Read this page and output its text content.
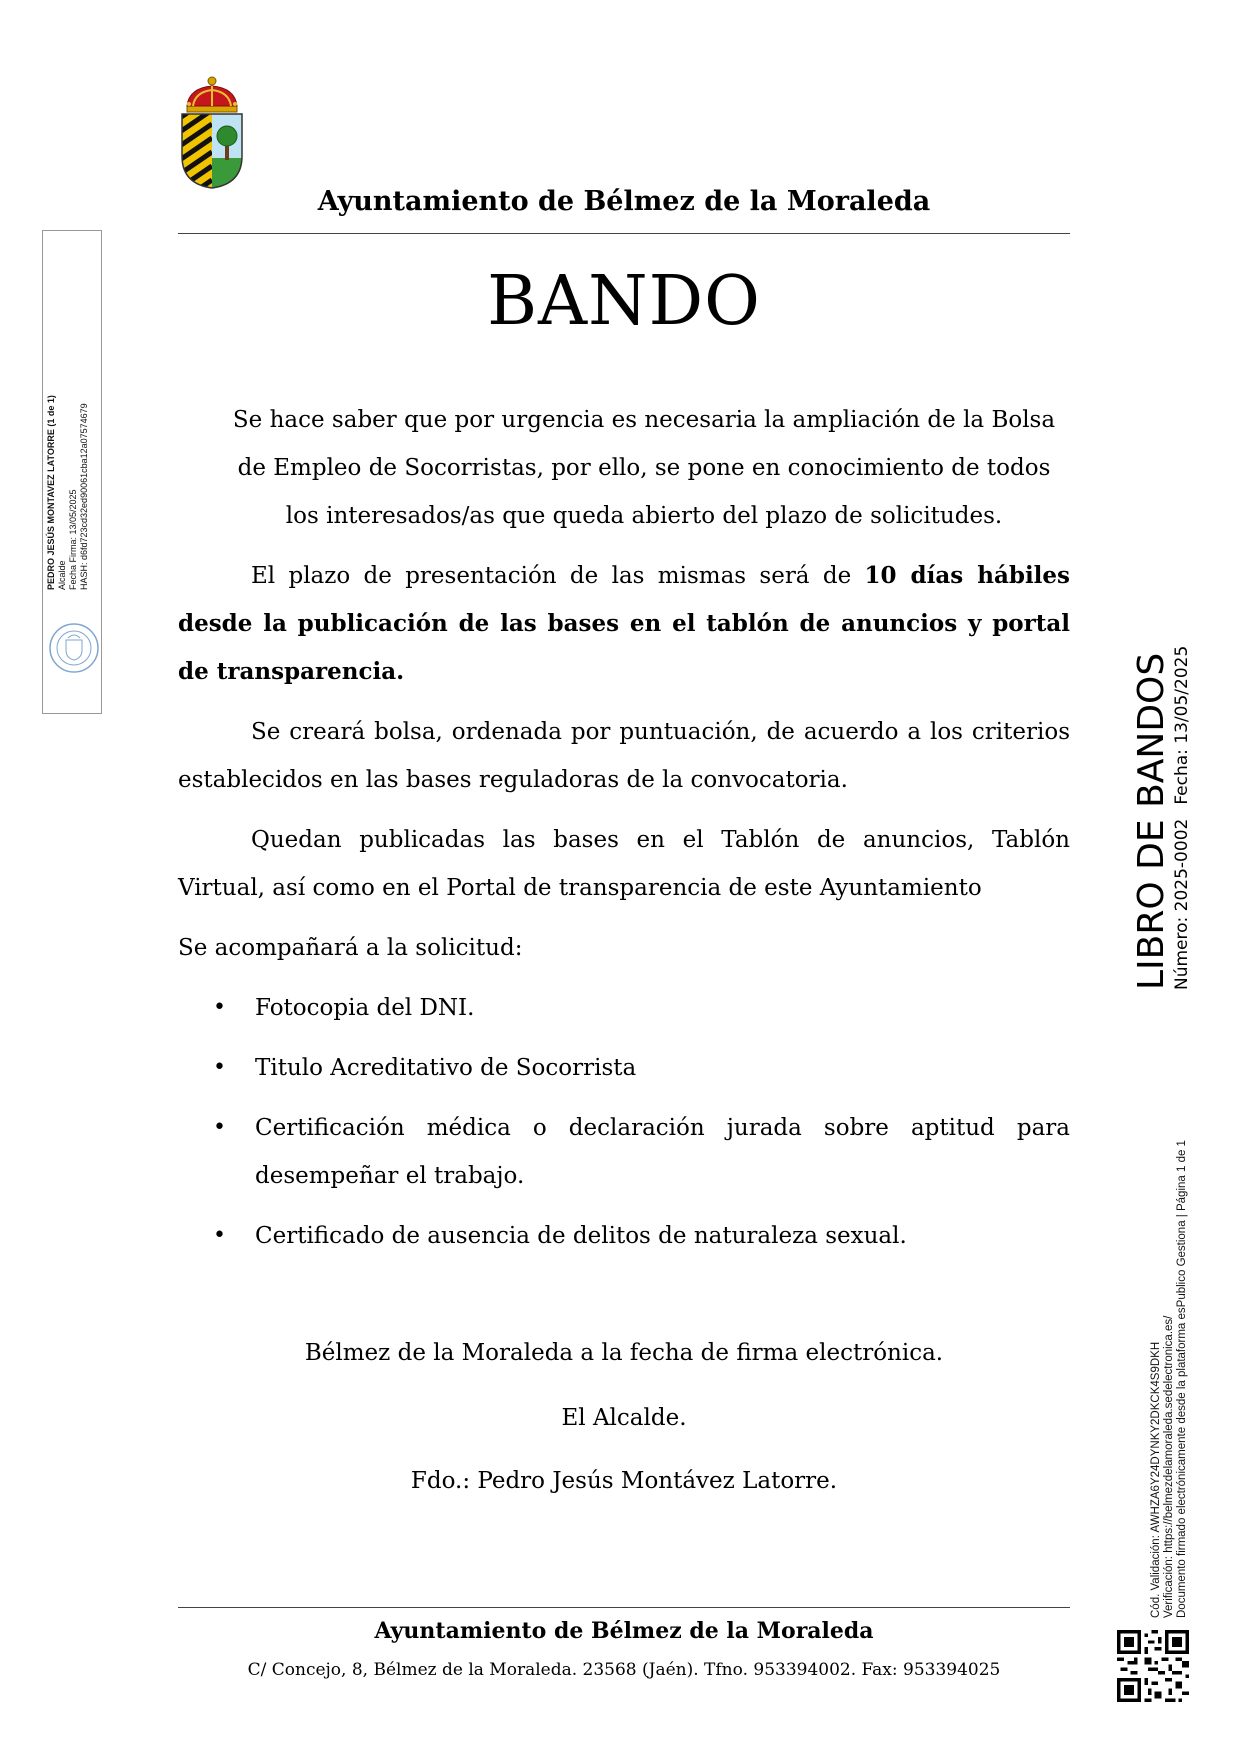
Ayuntamiento de Bélmez de la Moraleda
BANDO

Se hace saber que por urgencia es necesaria la ampliación de la Bolsa de Empleo de Socorristas, por ello, se pone en conocimiento de todos los interesados/as que queda abierto del plazo de solicitudes.

El plazo de presentación de las mismas será de 10 días hábiles desde la publicación de las bases en el tablón de anuncios y portal de transparencia.

Se creará bolsa, ordenada por puntuación, de acuerdo a los criterios establecidos en las bases reguladoras de la convocatoria.

Quedan publicadas las bases en el Tablón de anuncios, Tablón Virtual, así como en el Portal de transparencia de este Ayuntamiento

Se acompañará a la solicitud:

• Fotocopia del DNI.
• Titulo Acreditativo de Socorrista
• Certificación médica o declaración jurada sobre aptitud para desempeñar el trabajo.
• Certificado de ausencia de delitos de naturaleza sexual.

Bélmez de la Moraleda a la fecha de firma electrónica.

El Alcalde.

Fdo.: Pedro Jesús Montávez Latorre.

Ayuntamiento de Bélmez de la Moraleda

C/ Concejo, 8, Bélmez de la Moraleda. 23568 (Jaén). Tfno. 953394002. Fax: 953394025

PEDRO JESÚS MONTAVEZ LATORRE (1 de 1) Alcalde Fecha Firma: 13/05/2025 HASH: d6fd723cd32ed90061cba12a07574679
LIBRO DE BANDOS Número: 2025-0002Fecha: 13/05/2025
Cód. Validación: AWHZA6Y24DYNKY2DKCK4S9DKH Verificación: https://belmezdelamoraleda.sedelectronica.es/ Documento firmado electrónicamente desde la plataforma esPublico Gestiona | Página 1 de 1
